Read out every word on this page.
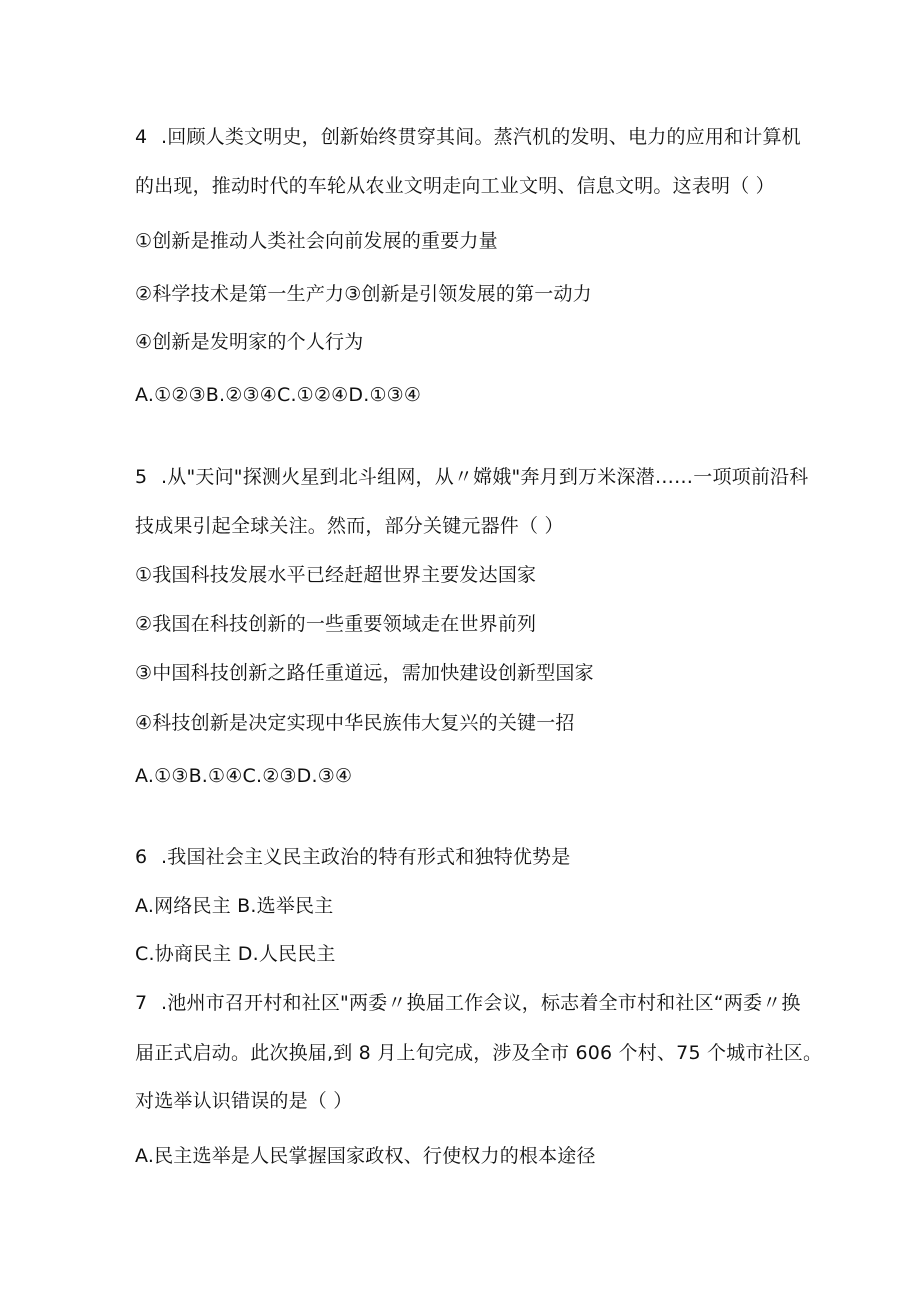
4 .回顾人类文明史，创新始终贯穿其间。蒸汽机的发明、电力的应用和计算机
的出现，推动时代的车轮从农业文明走向工业文明、信息文明。这表明（ ）
①创新是推动人类社会向前发展的重要力量
②科学技术是第一生产力③创新是引领发展的第一动力
④创新是发明家的个人行为
A.①②③B.②③④C.①②④D.①③④
5 .从"天问"探测火星到北斗组网，从〃嫦娥"奔月到万米深潜……一项项前沿科
技成果引起全球关注。然而，部分关键元器件（ ）
①我国科技发展水平已经赶超世界主要发达国家
②我国在科技创新的一些重要领域走在世界前列
③中国科技创新之路任重道远，需加快建设创新型国家
④科技创新是决定实现中华民族伟大复兴的关键一招
A.①③B.①④C.②③D.③④
6 .我国社会主义民主政治的特有形式和独特优势是
A.网络民主 B.选举民主
C.协商民主 D.人民民主
7 .池州市召开村和社区"两委〃换届工作会议，标志着全市村和社区“两委〃换
届正式启动。此次换届,到 8 月上旬完成，涉及全市 606 个村、75 个城市社区。
对选举认识错误的是（ ）
A.民主选举是人民掌握国家政权、行使权力的根本途径
